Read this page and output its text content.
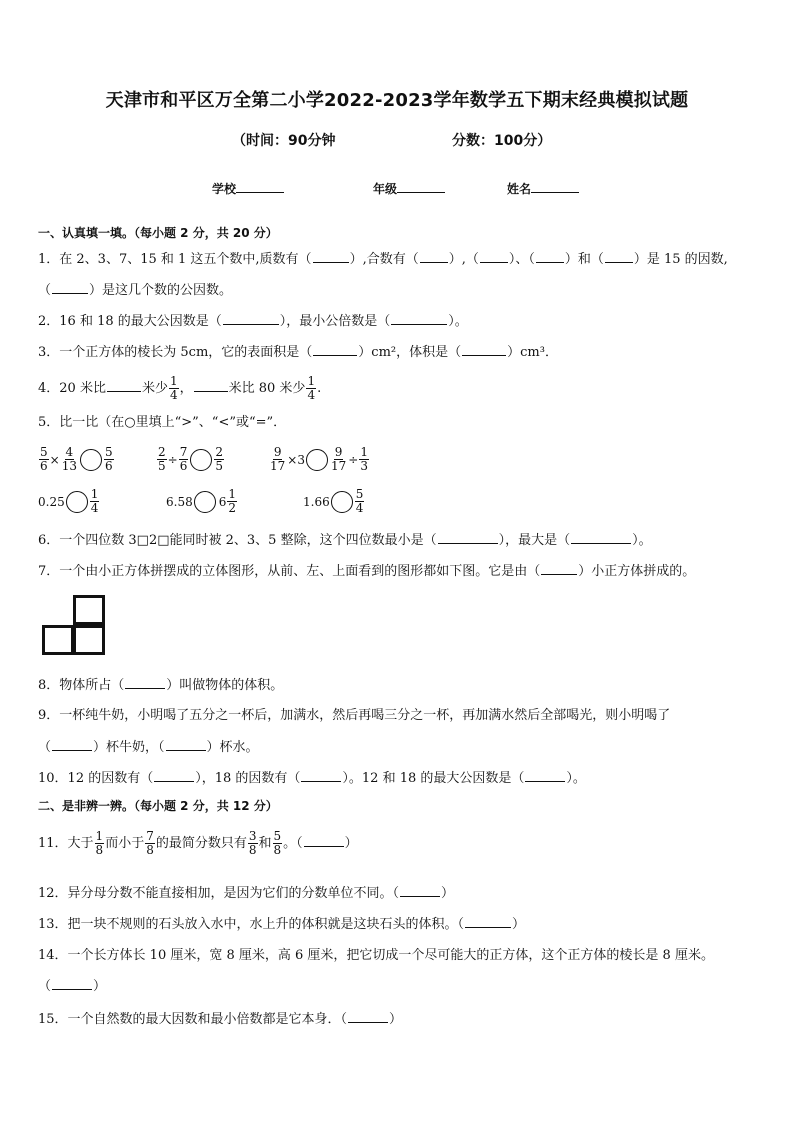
天津市和平区万全第二小学2022-2023学年数学五下期末经典模拟试题
（时间：90分钟	分数：100分）
学校	年级	姓名
一、认真填一填。（每小题 2 分，共 20 分）
1．在 2、3、7、15 和 1 这五个数中,质数有（	）,合数有（ ）,（ ）、（ ）和（ ）是 15 的因数,
（	）是这几个数的公因数。
2．16 和 18 的最大公因数是（	），最小公倍数是（	）。
3．一个正方体的棱长为 5cm，它的表面积是（	）cm²，体积是（	）cm³．
4．20 米比	米少 $\frac{1}{4}$ ，	米比 80 米少 $\frac{1}{4}$ .
5．比一比（在○里填上“>”、“<”或“=”．
$\frac{5}{6} \times \frac{4}{13} \frac{5}{6}$	$\frac{2}{5} \div \frac{7}{6} \frac{2}{5}$	$\frac{9}{17} \times 3 \frac{9}{17} \div \frac{1}{3}$
$0.25 \frac{1}{4}$	6.58 $6 \frac{1}{2}$	$1.66 \frac{5}{4}$
6．一个四位数 3□2□能同时被 2、3、5 整除，这个四位数最小是（	），最大是（	）。
7．一个由小正方体拼摆成的立体图形，从前、左、上面看到的图形都如下图。它是由（	）小正方体拼成的。
8．物体所占（	）叫做物体的体积。
9．一杯纯牛奶，小明喝了五分之一杯后，加满水，然后再喝三分之一杯，再加满水然后全部喝光，则小明喝了
（	）杯牛奶，（	）杯水。
10．12 的因数有（	），18 的因数有（	）。12 和 18 的最大公因数是（	）。
二、是非辨一辨。（每小题 2 分，共 12 分）
11．大于 $\frac{1}{8}$ 而小于 $\frac{7}{8}$ 的最简分数只有 $\frac{3}{8}$ 和 $\frac{5}{8}$ 。（	）
12．异分母分数不能直接相加，是因为它们的分数单位不同。（	）
13．把一块不规则的石头放入水中，水上升的体积就是这块石头的体积。（	）
14．一个长方体长 10 厘米，宽 8 厘米，高 6 厘米，把它切成一个尽可能大的正方体，这个正方体的棱长是 8 厘米。
（	）
15．一个自然数的最大因数和最小倍数都是它本身．（	）
